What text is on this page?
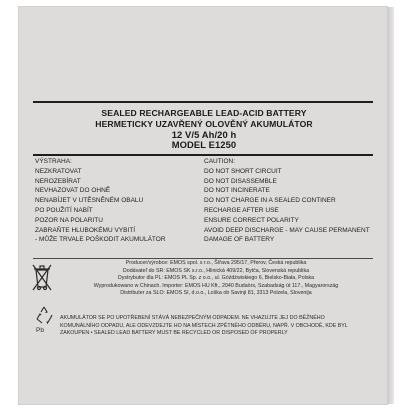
SEALED RECHARGEABLE LEAD-ACID BATTERY
HERMETICKY UZAVŘENÝ OLOVĚNÝ AKUMULÁTOR
12 V/5 Ah/20 h
MODEL E1250
VÝSTRAHA:
NEZKRATOVAT
NEROZEBÍRAT
NEVHAZOVAT DO OHNĚ
NENABÍJET V UTĚSNĚNÉM OBALU
PO POUŽITÍ NABÍT
POZOR NA POLARITU
ZABRAŇTE HLUBOKÉMU VYBITÍ
- MŮŽE TRVALE POŠKODIT AKUMULÁTOR
CAUTION:
DO NOT SHORT CIRCUIT
DO NOT DISASSEMBLE
DO NOT INCINERATE
DO NOT CHARGE IN A SEALED CONTINER
RECHARGE AFTER USE
ENSURE CORRECT POLARITY
AVOID DEEP DISCHARGE - MAY CAUSE PERMANENT
DAMAGE OF BATTERY
Pb
Producer/výrobce: EMOS spol. s r.o., Šířava 295/17, Přerov, Česká republika
Dodávateľ do SR: EMOS SK s.r.o., Hlinická 409/22, Bytča, Slovenská republika
Dystrybutor dla PL: EMOS PL Sp. z o.o., ul. Góźdźwiskiego 6, Bielsko-Biała, Polska
Wyprodukowano w Chinach. Importer: EMOS HU Kft., 2040 Budaörs, Szabadság út 117., Magyarország
Distributer za SLO: EMOS SI, d.o.o., Loška ob Savinji 81, 3313 Polzela, Slovenija
AKUMULÁTOR SE PO UPOTŘEBENÍ STÁVÁ NEBEZPEČNÝM ODPADEM. NE VHAZUJTE JEJ DO BĚŽNÉHO
KOMUNÁLNÍHO ODPADU, ALE ODEVZDEJTE HO NA MÍSTECH ZPĚTNÉHO ODBĚRU, NAPŘ. V OBCHODĚ, KDE BYL
ZAKOUPEN • SEALED LEAD BATTERY MUST BE RECYCLED OR DISPOSED OF PROPERLY
